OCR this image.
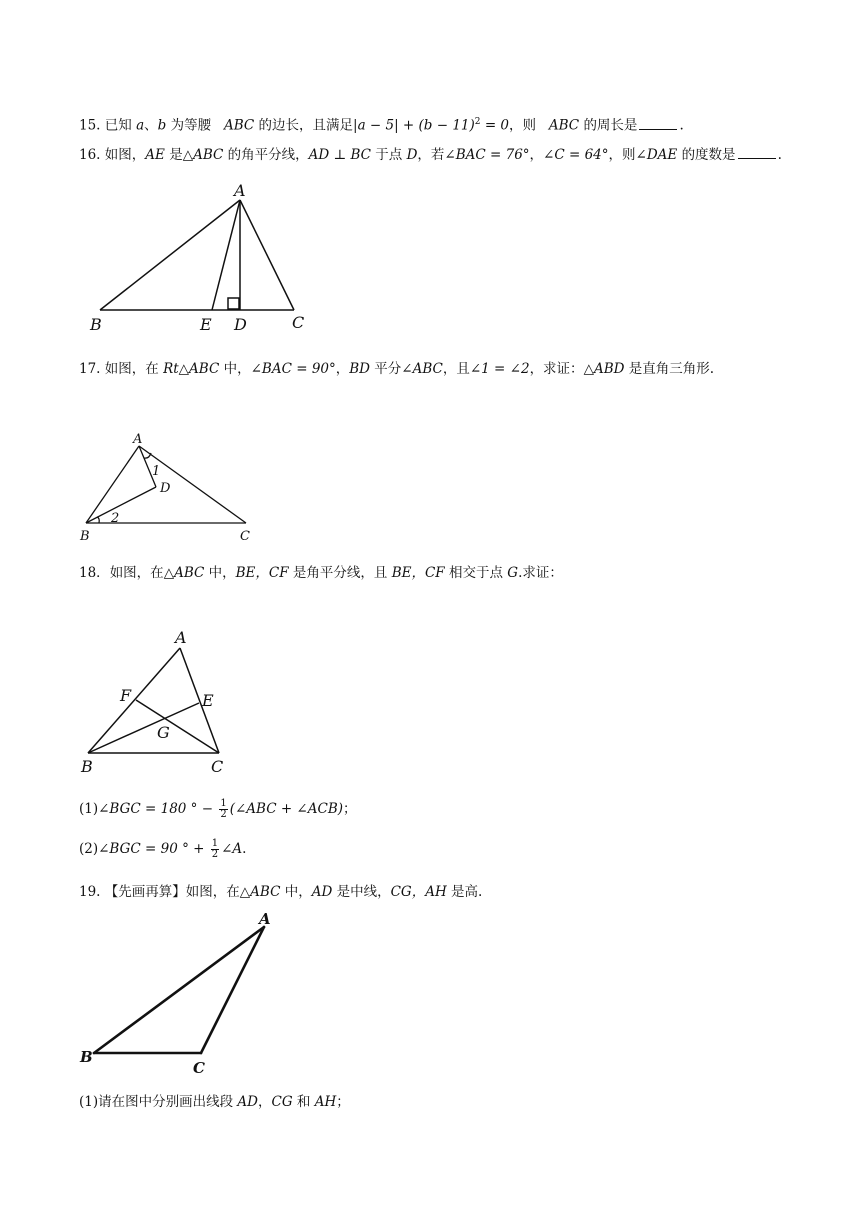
15. 已知 a、b 为等腰 ABC 的边长，且满足$|a - 5| + (b - 11)^2 = 0$，则 ABC 的周长是	.
16. 如图，AE 是△ABC 的角平分线，AD ⊥ BC 于点 D，若∠BAC = 76°，∠C = 64°，则∠DAE 的度数是	.
A
B	E D	C
17. 如图，在 Rt△ABC 中，∠BAC = 90°，BD 平分∠ABC，且∠1 = ∠2，求证：△ABD 是直角三角形.
A
1
D
2
B	C
18．如图，在△ABC 中，BE，CF 是角平分线，且 BE，CF 相交于点 G.求证：
A
F	E
G
B	C
(1)∠BGC = 180 ° − $\frac{1}{2}$ (∠ABC + ∠ACB)；
(2)∠BGC = 90 ° + $\frac{1}{2}$ ∠A.
19. 【先画再算】如图，在△ABC 中，AD 是中线，CG，AH 是高.
A
B
C
(1)请在图中分别画出线段 AD，CG 和 AH；
